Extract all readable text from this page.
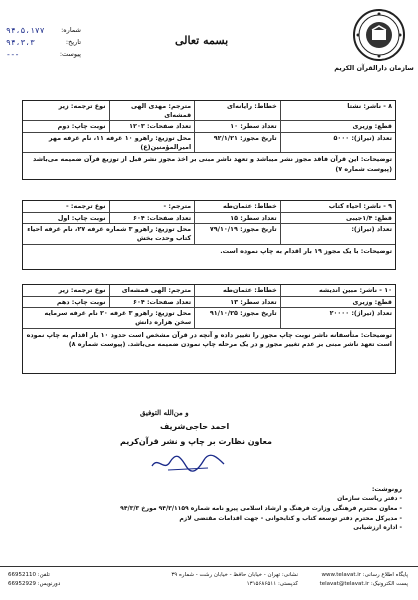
سازمان دارالقرآن الکریم
بسمه تعالی
شماره:
۹۴،۵،۱۷۷
تاریخ:
۹۴،۳،۳
پیوست:
---
۸ - ناشر: نشتا
خطاط: رایانه‌ای
مترجم: مهدی الهی قمشه‌ای
نوع ترجمه: زیر
قطع: وزیری
تعداد سطر: ۱۰
تعداد صفحات: ۱۲۰۳
نوبت چاپ: دوم
تعداد (تیراژ): ۵۰۰۰
تاریخ مجوز: ۹۲/۱/۲۱
محل توزیع: راهرو ۱۰ غرفه ۱۱، نام غرفه مهر امیرالمؤمنین(ع)
توضیحات: این قرآن فاقد مجوز نشر میباشد و تعهد ناشر مبنی بر اخذ مجوز نشر قبل از توزیع قرآن ضمیمه می‌باشد (پیوست شماره ۷)
۹ - ناشر: احیاء کتاب
خطاط: عثمان‌طه
مترجم: -
نوع ترجمه: -
قطع: ۱/۴جیبی
تعداد سطر: ۱۵
تعداد صفحات: ۶۰۴
نوبت چاپ: اول
تعداد (تیراژ):
تاریخ مجوز: ۷۹/۱۰/۱۹
محل توزیع: راهرو ۳ شماره غرفه ۲۷، نام غرفه احیاء کتاب وحدت بخش
توضیحات: با یک مجوز ۱۹ بار اقدام به چاپ نموده است.
۱۰ - ناشر: مبین اندیشه
خطاط: عثمان‌طه
مترجم: الهی قمشه‌ای
نوع ترجمه: زیر
قطع: وزیری
تعداد سطر: ۱۳
تعداد صفحات: ۶۰۴
نوبت چاپ: دهم
تعداد (تیراژ): ۲۰۰۰۰
تاریخ مجوز: ۹۱/۱۰/۲۵
محل توزیع: راهرو ۳ غرفه ۲۰ نام غرفه سرمایه سخن هزاره دانش
توضیحات: متأسفانه ناشر نوبت چاپ مجوز را تغییر داده و آنچه در قرآن مشخص است حدود ۱۰ بار اقدام به چاپ نموده است تعهد ناشر مبنی بر عدم تغییر مجوز و در یک مرحله چاپ نمودن ضمیمه می‌باشد. (پیوست شماره ۸)
و من‌الله التوفیق
احمد حاجی‌شریف
معاون نظارت بر چاپ و نشر قرآن‌کریم
رونوشت:
- دفتر ریاست سازمان
- معاون محترم فرهنگی وزارت فرهنگ و ارشاد اسلامی پیرو نامه شماره ۹۴/۳/۱۱۵۹ مورخ ۹۴/۳/۳
- مدیرکل محترم دفتر توسعه کتاب و کتابخوانی - جهت اقدامات مقتضی لازم
- اداره ارزشیابی
پایگاه اطلاع رسانی: www.telavat.ir
پست الکترونیک: telavat@telavat.ir
نشانی: تهران - خیابان حافظ - خیابان رشت - شماره ۳۹
کدپستی: ۱۳۱۵۶۸۶۵۱۱
تلفن: 66952110
دورنویس: 66952929
